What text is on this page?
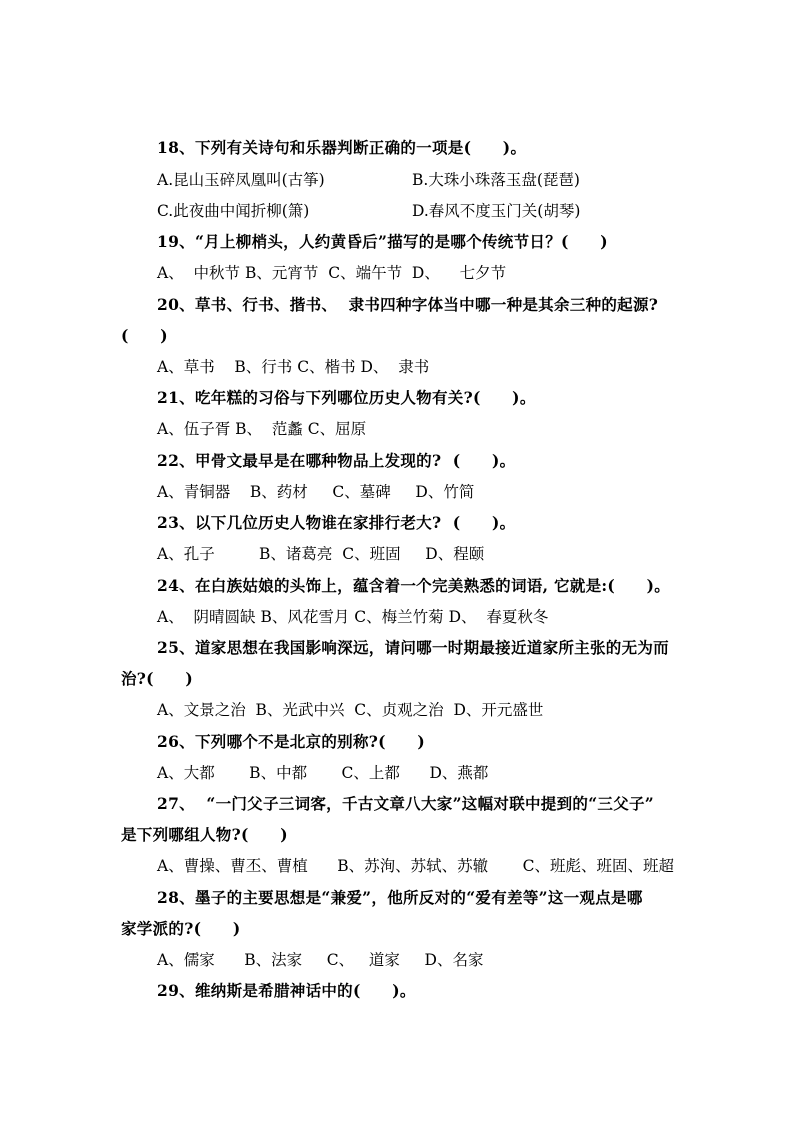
18、下列有关诗句和乐器判断正确的一项是(　　)。
A.昆山玉碎凤凰叫(古筝)	B.大珠小珠落玉盘(琵琶)
C.此夜曲中闻折柳(箫)	D.春风不度玉门关(胡琴)
19、“月上柳梢头，人约黄昏后”描写的是哪个传统节日？(　　)
A、  中秋节 B、元宵节  C、端午节  D、    七夕节
20、草书、行书、揩书、  隶书四种字体当中哪一种是其余三种的起源?
(　　)
A、草书    B、行书 C、楷书 D、  隶书
21、吃年糕的习俗与下列哪位历史人物有关?(　　)。
A、伍子胥 B、  范蠡 C、屈原
22、甲骨文最早是在哪种物品上发现的?  (　　)。
A、青铜器    B、药材     C、墓碑     D、竹简
23、以下几位历史人物谁在家排行老大?  (　　)。
A、孔子         B、诸葛亮  C、班固     D、程颐
24、在白族姑娘的头饰上，蕴含着一个完美熟悉的词语, 它就是:(　　)。
A、  阴晴圆缺 B、风花雪月 C、梅兰竹菊 D、  春夏秋冬
25、道家思想在我国影响深远，请问哪一时期最接近道家所主张的无为而
治?(　　)
A、文景之治  B、光武中兴  C、贞观之治  D、开元盛世
26、下列哪个不是北京的别称?(　　)
A、大都       B、中都       C、上都      D、燕都
27、  “一门父子三词客，千古文章八大家”这幅对联中提到的“三父子”
是下列哪组人物?(　　)
A、曹操、曹丕、曹植      B、苏洵、苏轼、苏辙       C、班彪、班固、班超
28、墨子的主要思想是“兼爱”，他所反对的“爱有差等”这一观点是哪
家学派的?(　　)
A、儒家      B、法家     C、   道家     D、名家
29、维纳斯是希腊神话中的(　　)。
